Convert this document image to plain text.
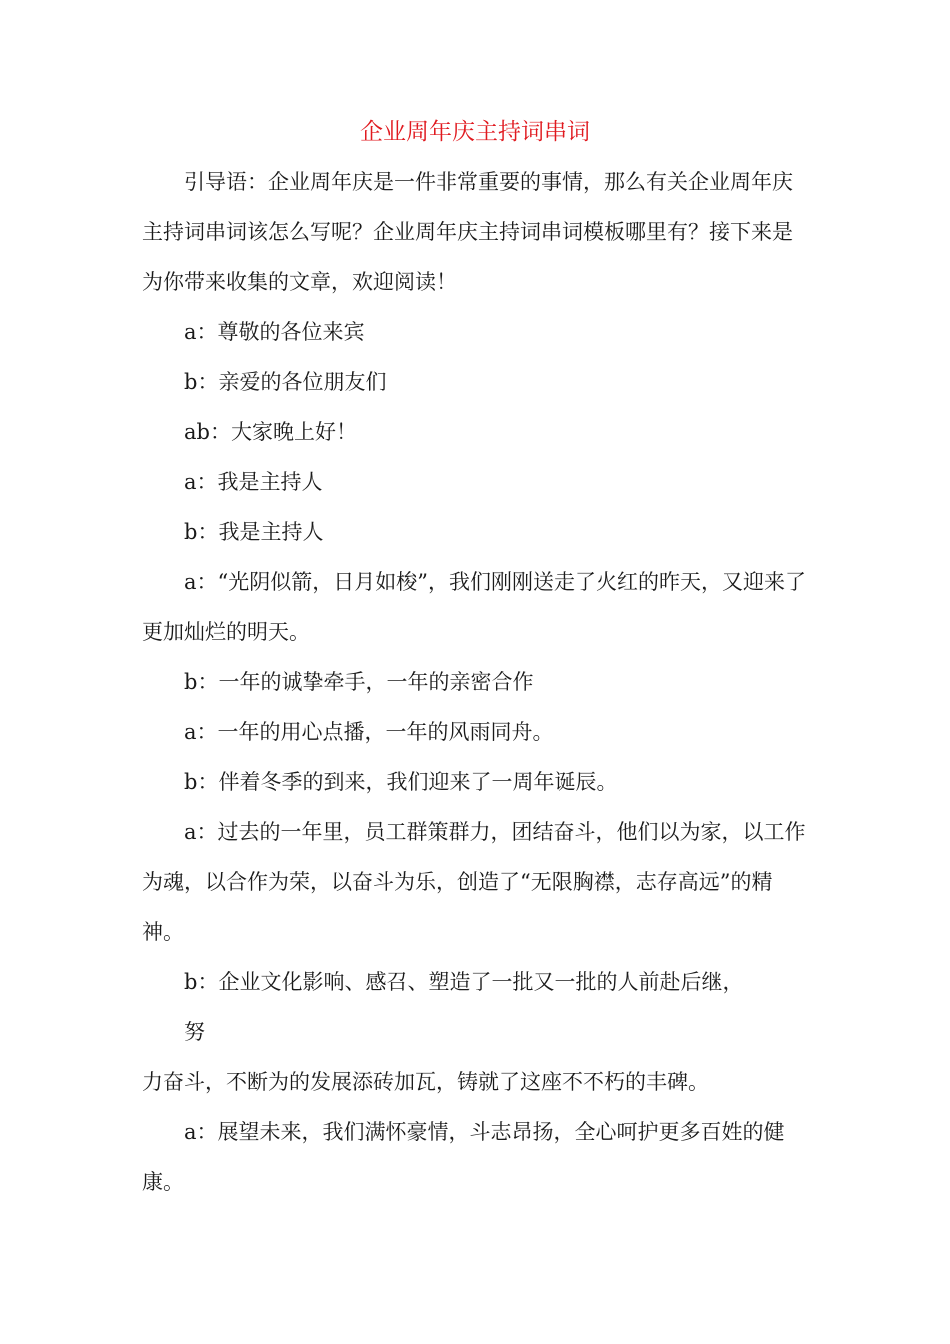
企业周年庆主持词串词

引导语：企业周年庆是一件非常重要的事情，那么有关企业周年庆主持词串词该怎么写呢？企业周年庆主持词串词模板哪里有？接下来是为你带来收集的文章，欢迎阅读！

a：尊敬的各位来宾

b：亲爱的各位朋友们

ab：大家晚上好！

a：我是主持人

b：我是主持人

a：“光阴似箭，日月如梭”，我们刚刚送走了火红的昨天，又迎来了更加灿烂的明天。

b：一年的诚挚牵手，一年的亲密合作

a：一年的用心点播，一年的风雨同舟。

b：伴着冬季的到来，我们迎来了一周年诞辰。

a：过去的一年里，员工群策群力，团结奋斗，他们以为家，以工作为魂，以合作为荣，以奋斗为乐，创造了“无限胸襟，志存高远”的精神。

b：企业文化影响、感召、塑造了一批又一批的人前赴后继，

努

力奋斗，不断为的发展添砖加瓦，铸就了这座不不朽的丰碑。

a：展望未来，我们满怀豪情，斗志昂扬，全心呵护更多百姓的健康。
